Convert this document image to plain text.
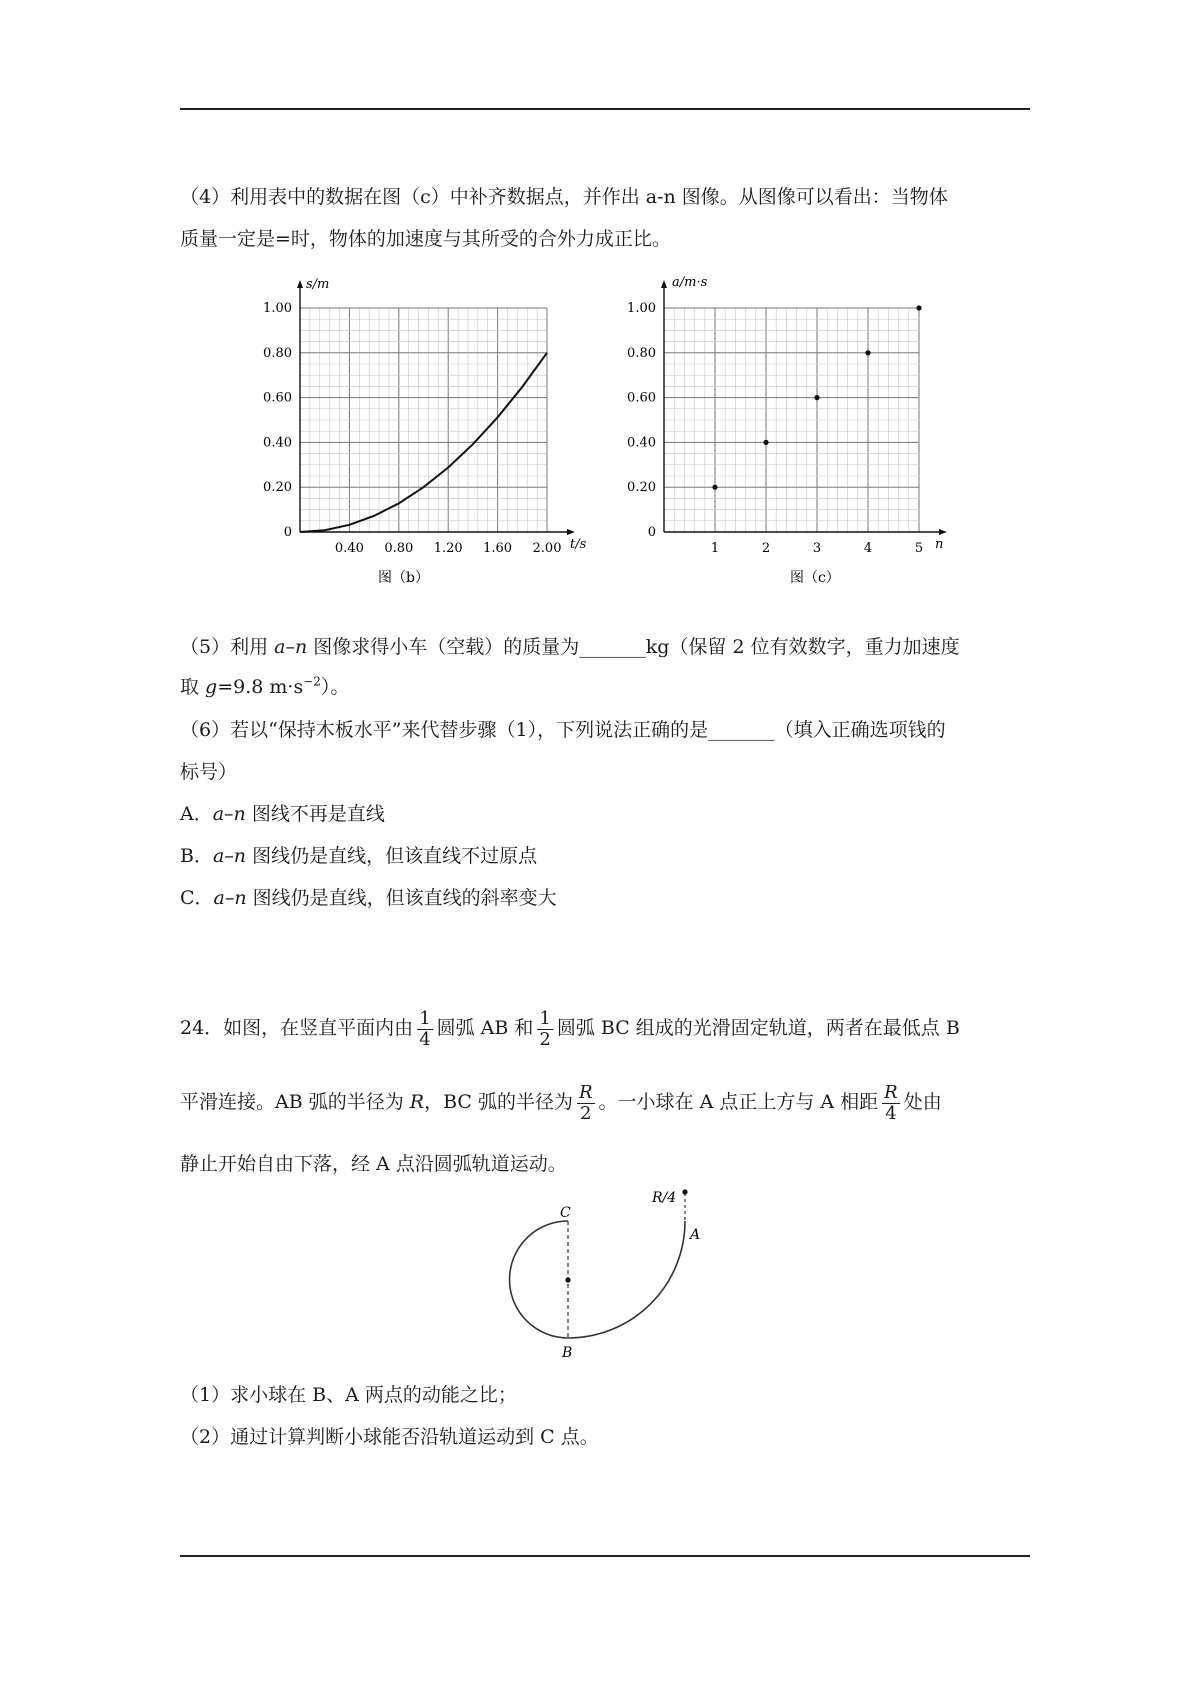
（4）利用表中的数据在图（c）中补齐数据点，并作出 a-n 图像。从图像可以看出：当物体
质量一定是=时，物体的加速度与其所受的合外力成正比。
0.40 0.80 1.20 1.60 2.00
0
0.20
0.40
0.60
0.80
1.00
s/m
t/s
图（b）
1	2	3	4	5
0
0.20
0.40
0.60
0.80
1.00
a/m·s
n
图（c）
（5）利用 a–n 图像求得小车（空载）的质量为_______kg（保留 2 位有效数字，重力加速度
取 g=9.8 $m\cdot s^{-2}$）。
（6）若以“保持木板水平”来代替步骤（1），下列说法正确的是_______（填入正确选项钱的
标号）
A．a–n 图线不再是直线
B．a–n 图线仍是直线，但该直线不过原点
C．a–n 图线仍是直线，但该直线的斜率变大
24．如图，在竖直平面内由 $\frac{1}{4}$ 圆弧 AB 和 $\frac{1}{2}$ 圆弧 BC 组成的光滑固定轨道，两者在最低点 B
平滑连接。AB 弧的半径为 R，BC 弧的半径为 $\frac{R}{2}$ 。一小球在 A 点正上方与 A 相距 $\frac{R}{4}$ 处由
静止开始自由下落，经 A 点沿圆弧轨道运动。
R/4
C
A
B
（1）求小球在 B、A 两点的动能之比；
（2）通过计算判断小球能否沿轨道运动到 C 点。
